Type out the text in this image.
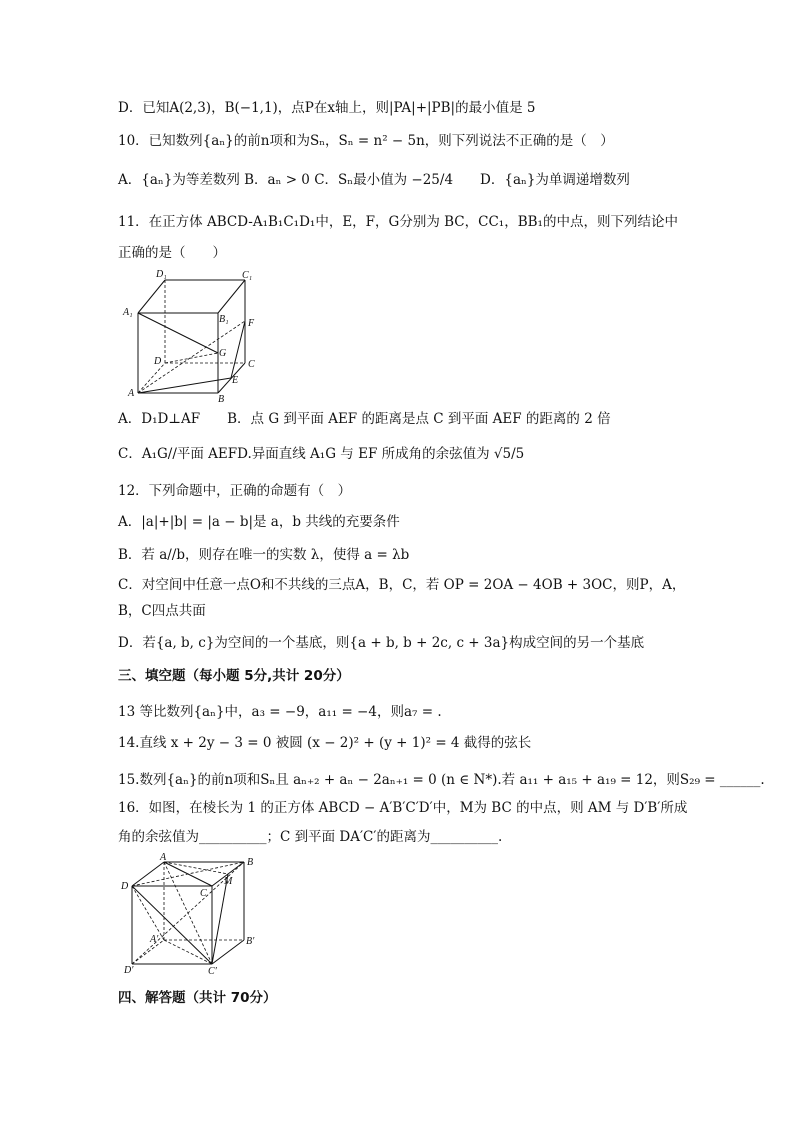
D．已知A(2,3)，B(−1,1)，点P在x轴上，则|PA|+|PB|的最小值是 5
10．已知数列{aₙ}的前n项和为Sₙ，Sₙ = n² − 5n，则下列说法不正确的是（　）
A．{aₙ}为等差数列 B．aₙ > 0 C．Sₙ最小值为 −25/4　　D．{aₙ}为单调递增数列
11．在正方体 ABCD-A₁B₁C₁D₁中，E，F，G分别为 BC，CC₁，BB₁的中点，则下列结论中
正确的是（　　）
D₁	C₁
A₁
B₁ F
G
D	C
E
A
B
A．D₁D⊥AF　　B．点 G 到平面 AEF 的距离是点 C 到平面 AEF 的距离的 2 倍
C．A₁G//平面 AEFD.异面直线 A₁G 与 EF 所成角的余弦值为 √5/5
12．下列命题中，正确的命题有（　）
A．|a|+|b| = |a − b|是 a，b 共线的充要条件
B．若 a//b，则存在唯一的实数 λ，使得 a = λb
C．对空间中任意一点O和不共线的三点A，B，C，若 OP = 2OA − 4OB + 3OC，则P，A，
B，C四点共面
D．若{a, b, c}为空间的一个基底，则{a + b, b + 2c, c + 3a}构成空间的另一个基底
三、填空题（每小题 5分,共计 20分）
13 等比数列{aₙ}中，a₃ = −9，a₁₁ = −4，则a₇ = .
14.直线 x + 2y − 3 = 0 被圆 (x − 2)² + (y + 1)² = 4 截得的弦长
15.数列{aₙ}的前n项和Sₙ且 aₙ₊₂ + aₙ − 2aₙ₊₁ = 0 (n ∈ N*).若 a₁₁ + a₁₅ + a₁₉ = 12，则S₂₉ = ______.
16．如图，在棱长为 1 的正方体 ABCD − A′B′C′D′中，M为 BC 的中点，则 AM 与 D′B′所成
角的余弦值为__________；C 到平面 DA′C′的距离为__________.
A	B
M
D
C
A′	B′
D′	C′
四、解答题（共计 70分）
